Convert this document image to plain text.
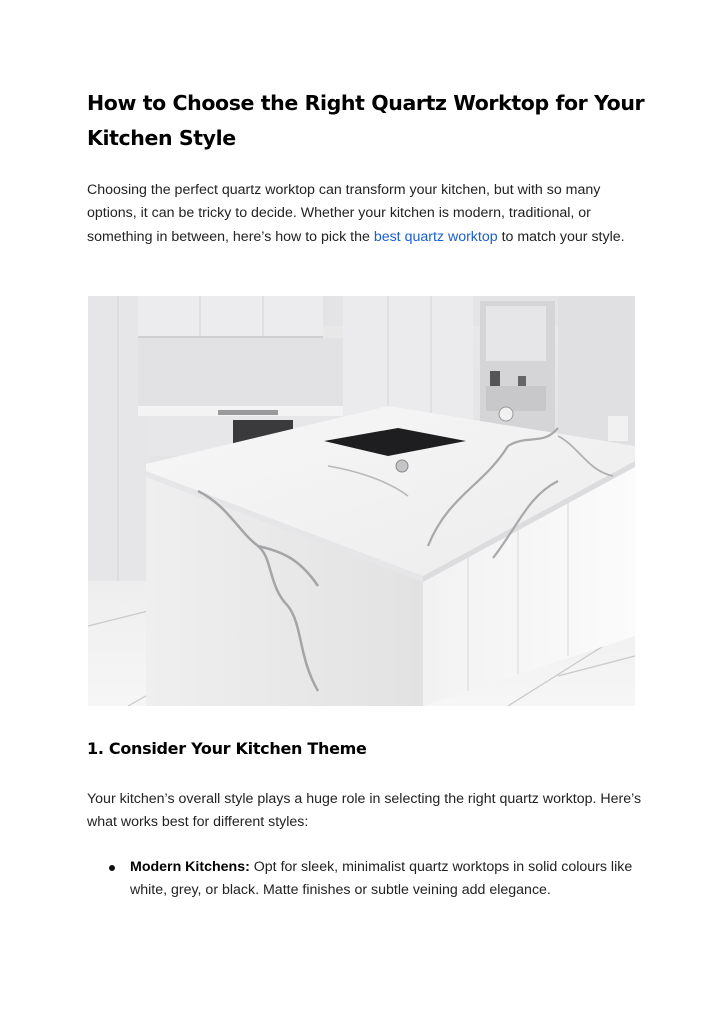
How to Choose the Right Quartz Worktop for Your Kitchen Style

Choosing the perfect quartz worktop can transform your kitchen, but with so many options, it can be tricky to decide. Whether your kitchen is modern, traditional, or something in between, here’s how to pick the best quartz worktop to match your style.

1. Consider Your Kitchen Theme

Your kitchen’s overall style plays a huge role in selecting the right quartz worktop. Here’s what works best for different styles:

Modern Kitchens: Opt for sleek, minimalist quartz worktops in solid colours like white, grey, or black. Matte finishes or subtle veining add elegance.
